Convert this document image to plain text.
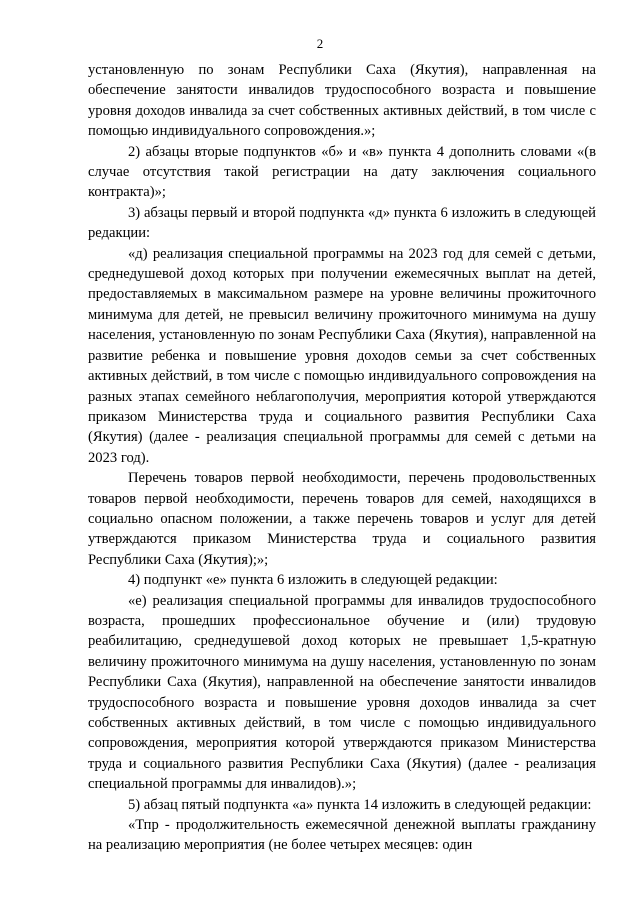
2

установленную по зонам Республики Саха (Якутия), направленная на обеспечение занятости инвалидов трудоспособного возраста и повышение уровня доходов инвалида за счет собственных активных действий, в том числе с помощью индивидуального сопровождения.»;

2) абзацы вторые подпунктов «б» и «в» пункта 4 дополнить словами «(в случае отсутствия такой регистрации на дату заключения социального контракта)»;

3) абзацы первый и второй подпункта «д» пункта 6 изложить в следующей редакции:

«д) реализация специальной программы на 2023 год для семей с детьми, среднедушевой доход которых при получении ежемесячных выплат на детей, предоставляемых в максимальном размере на уровне величины прожиточного минимума для детей, не превысил величину прожиточного минимума на душу населения, установленную по зонам Республики Саха (Якутия), направленной на развитие ребенка и повышение уровня доходов семьи за счет собственных активных действий, в том числе с помощью индивидуального сопровождения на разных этапах семейного неблагополучия, мероприятия которой утверждаются приказом Министерства труда и социального развития Республики Саха (Якутия) (далее - реализация специальной программы для семей с детьми на 2023 год).

Перечень товаров первой необходимости, перечень продовольственных товаров первой необходимости, перечень товаров для семей, находящихся в социально опасном положении, а также перечень товаров и услуг для детей утверждаются приказом Министерства труда и социального развития Республики Саха (Якутия);»;

4) подпункт «е» пункта 6 изложить в следующей редакции:

«е) реализация специальной программы для инвалидов трудоспособного возраста, прошедших профессиональное обучение и (или) трудовую реабилитацию, среднедушевой доход которых не превышает 1,5-кратную величину прожиточного минимума на душу населения, установленную по зонам Республики Саха (Якутия), направленной на обеспечение занятости инвалидов трудоспособного возраста и повышение уровня доходов инвалида за счет собственных активных действий, в том числе с помощью индивидуального сопровождения, мероприятия которой утверждаются приказом Министерства труда и социального развития Республики Саха (Якутия) (далее - реализация специальной программы для инвалидов).»;

5) абзац пятый подпункта «а» пункта 14 изложить в следующей редакции:

«Тпр - продолжительность ежемесячной денежной выплаты гражданину на реализацию мероприятия (не более четырех месяцев: один
